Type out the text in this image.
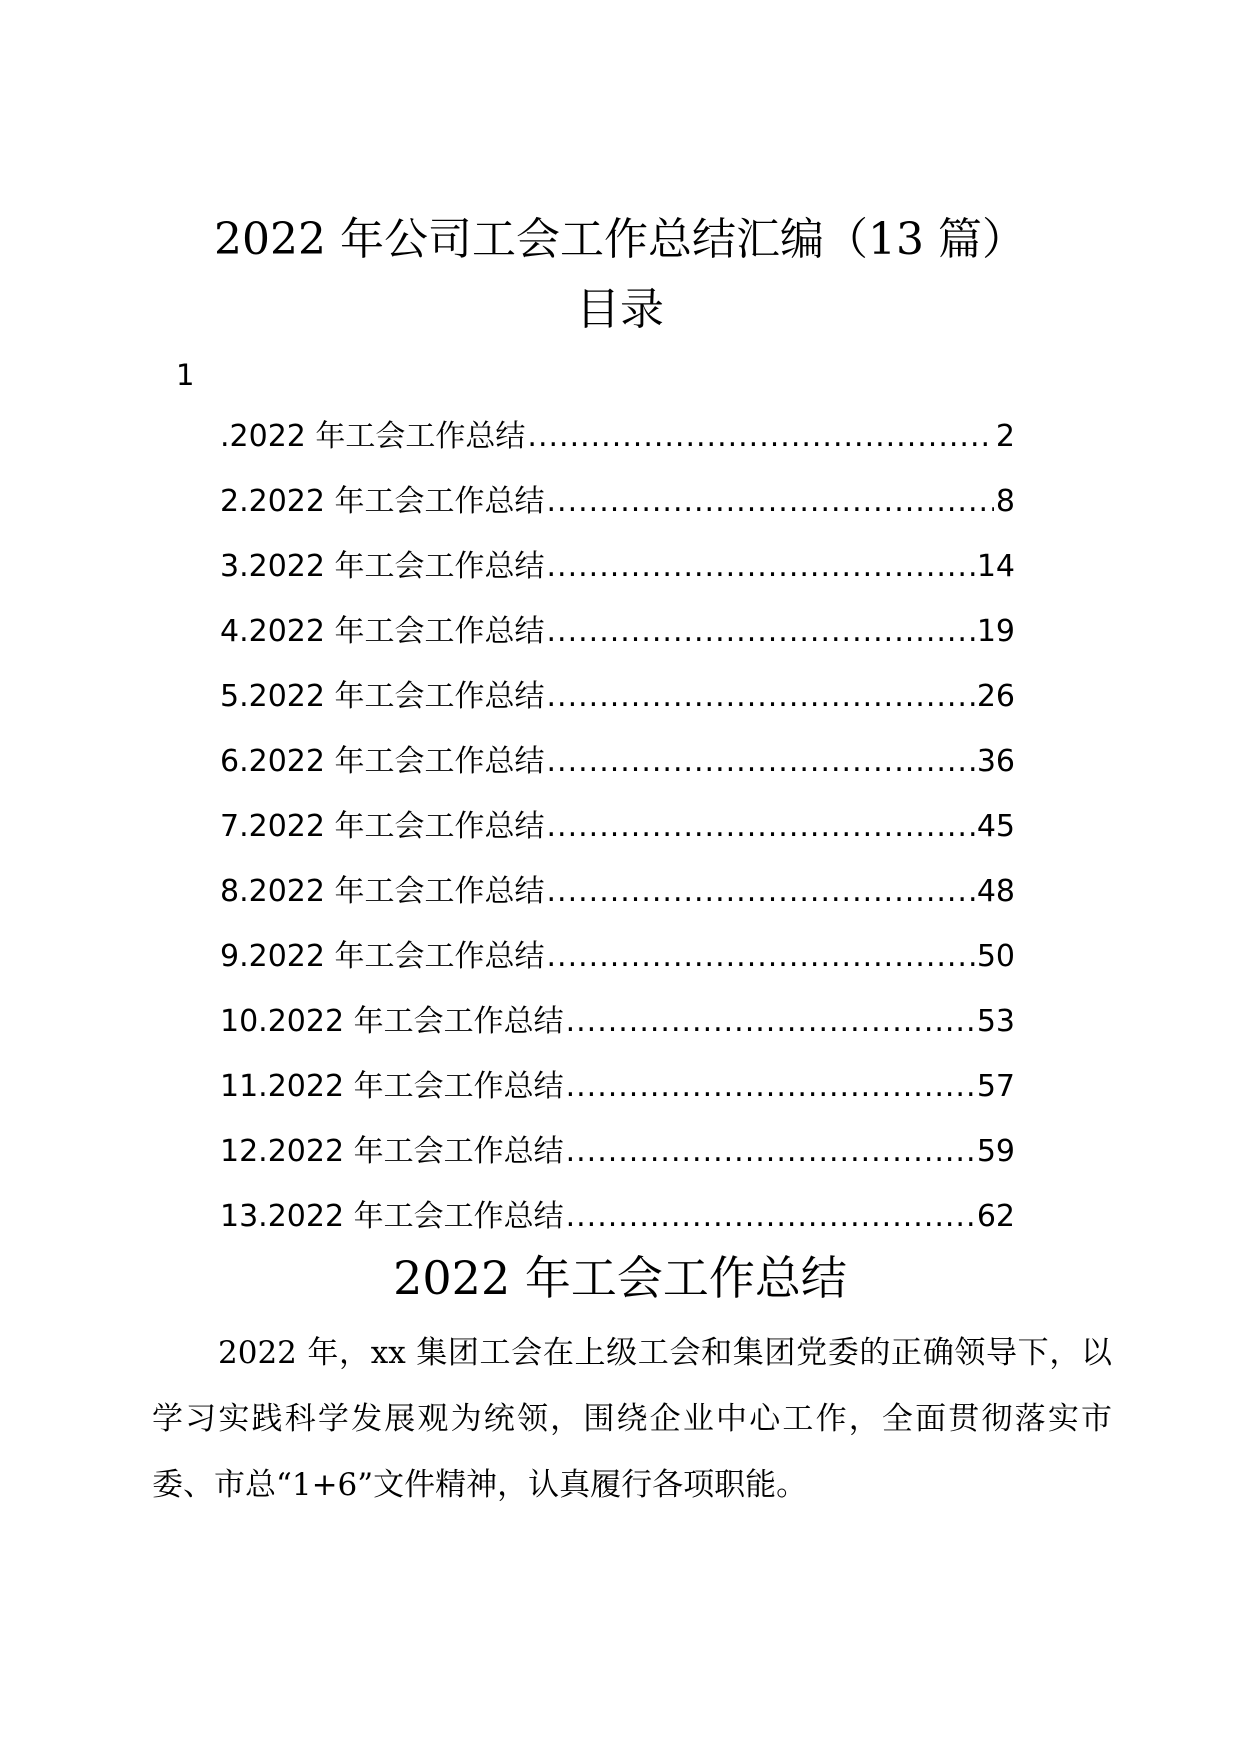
2022 年公司工会工作总结汇编（13 篇）
目录
1
.2022 年工会工作总结 .....	2
2.2022 年工会工作总结 .....	8
3.2022 年工会工作总结 .....	14
4.2022 年工会工作总结 .....	19
5.2022 年工会工作总结 .....	26
6.2022 年工会工作总结 .....	36
7.2022 年工会工作总结 .....	45
8.2022 年工会工作总结 .....	48
9.2022 年工会工作总结 .....	50
10.2022 年工会工作总结 .....	53
11.2022 年工会工作总结 .....	57
12.2022 年工会工作总结 .....	59
13.2022 年工会工作总结 .....	62
2022 年工会工作总结

2022 年，xx 集团工会在上级工会和集团党委的正确领导下，以学习实践科学发展观为统领，围绕企业中心工作，全面贯彻落实市委、市总“1+6”文件精神，认真履行各项职能。
